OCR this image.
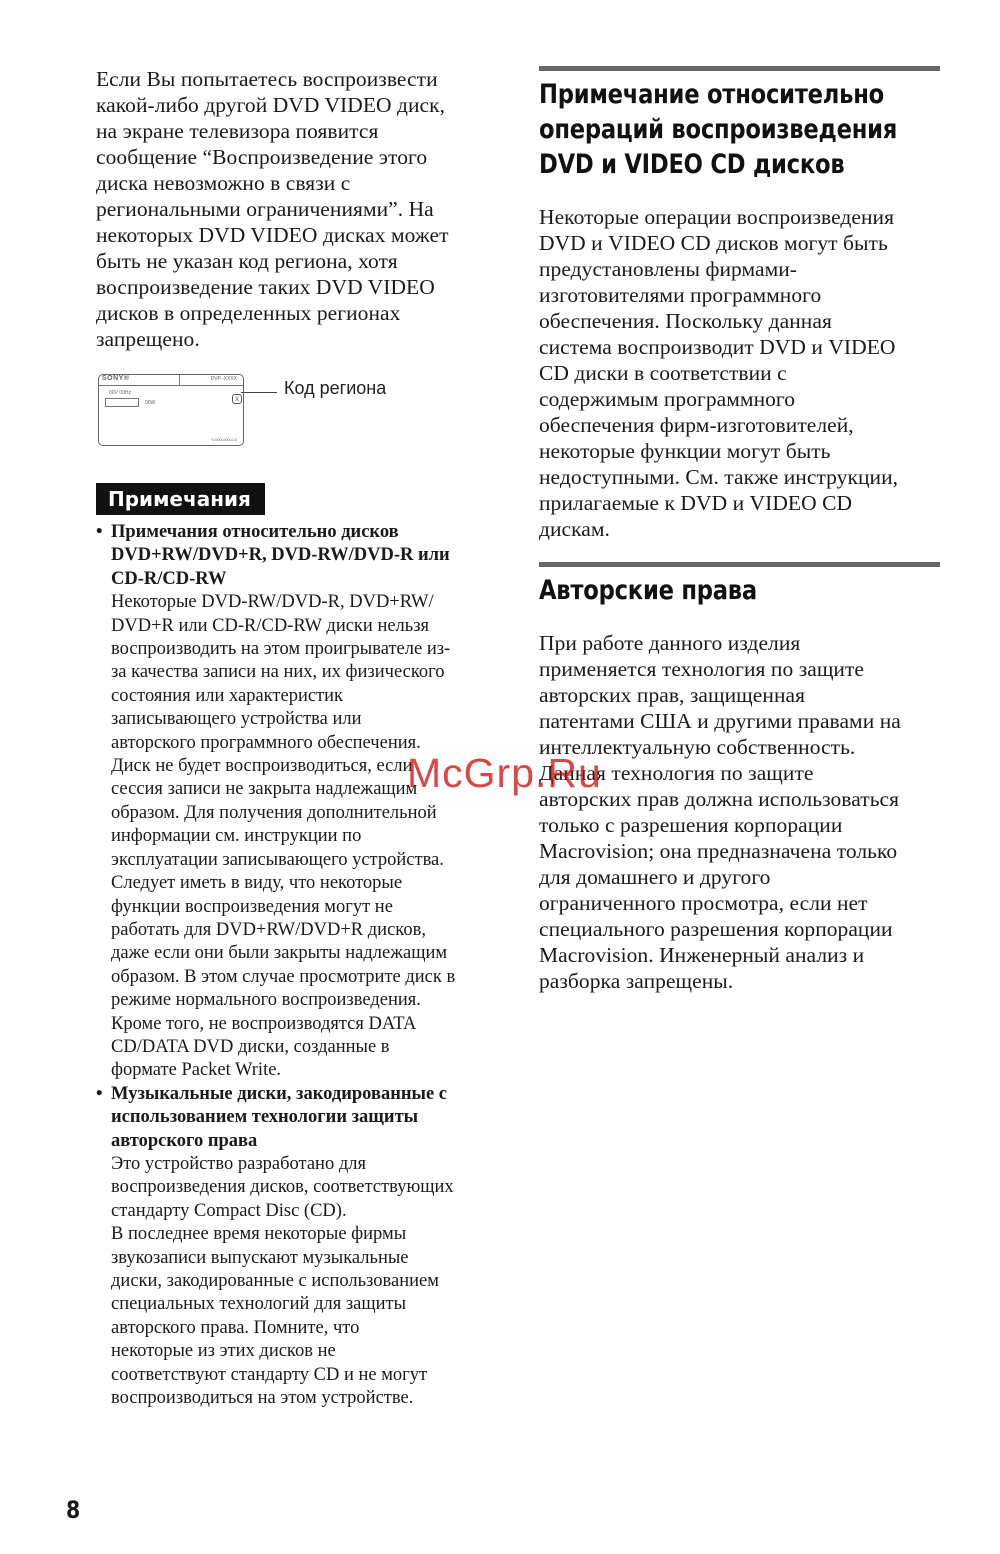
Если Вы попытаетесь воспроизвести
какой-либо другой DVD VIDEO диск,
на экране телевизора появится
сообщение “Воспроизведение этого
диска невозможно в связи с
региональными ограничениями”. На
некоторых DVD VIDEO дисках может
быть не указан код региона, хотя
воспроизведение таких DVD VIDEO
дисков в определенных регионах
запрещено.

SONY®	DVP–XXXX
00V 00Hz
00W
0-000-000-0-0
X
Код региона
Примечания
• Примечания относительно дисков
DVD+RW/DVD+R, DVD-RW/DVD-R или
CD-R/CD-RW
Некоторые DVD-RW/DVD-R, DVD+RW/
DVD+R или CD-R/CD-RW диски нельзя
воспроизводить на этом проигрывателе из-
за качества записи на них, их физического
состояния или характеристик
записывающего устройства или
авторского программного обеспечения.
Диск не будет воспроизводиться, если
сессия записи не закрыта надлежащим
образом. Для получения дополнительной
информации см. инструкции по
эксплуатации записывающего устройства.
Следует иметь в виду, что некоторые
функции воспроизведения могут не
работать для DVD+RW/DVD+R дисков,
даже если они были закрыты надлежащим
образом. В этом случае просмотрите диск в
режиме нормального воспроизведения.
Кроме того, не воспроизводятся DATA
CD/DATA DVD диски, созданные в
формате Packet Write.
• Музыкальные диски, закодированные с
использованием технологии защиты
авторского права
Это устройство разработано для
воспроизведения дисков, соответствующих
стандарту Compact Disc (CD).
В последнее время некоторые фирмы
звукозаписи выпускают музыкальные
диски, закодированные с использованием
специальных технологий для защиты
авторского права. Помните, что
некоторые из этих дисков не
соответствуют стандарту CD и не могут
воспроизводиться на этом устройстве.
Примечание относительно
операций воспроизведения
DVD и VIDEO CD дисков

Некоторые операции воспроизведения
DVD и VIDEO CD дисков могут быть
предустановлены фирмами-
изготовителями программного
обеспечения. Поскольку данная
система воспроизводит DVD и VIDEO
CD диски в соответствии с
содержимым программного
обеспечения фирм-изготовителей,
некоторые функции могут быть
недоступными. См. также инструкции,
прилагаемые к DVD и VIDEO CD
дискам.

Авторские права

При работе данного изделия
применяется технология по защите
авторских прав, защищенная
патентами США и другими правами на
интеллектуальную собственность.
Данная технология по защите
авторских прав должна использоваться
только с разрешения корпорации
Macrovision; она предназначена только
для домашнего и другого
ограниченного просмотра, если нет
специального разрешения корпорации
Macrovision. Инженерный анализ и
разборка запрещены.

8
McGrp.Ru
